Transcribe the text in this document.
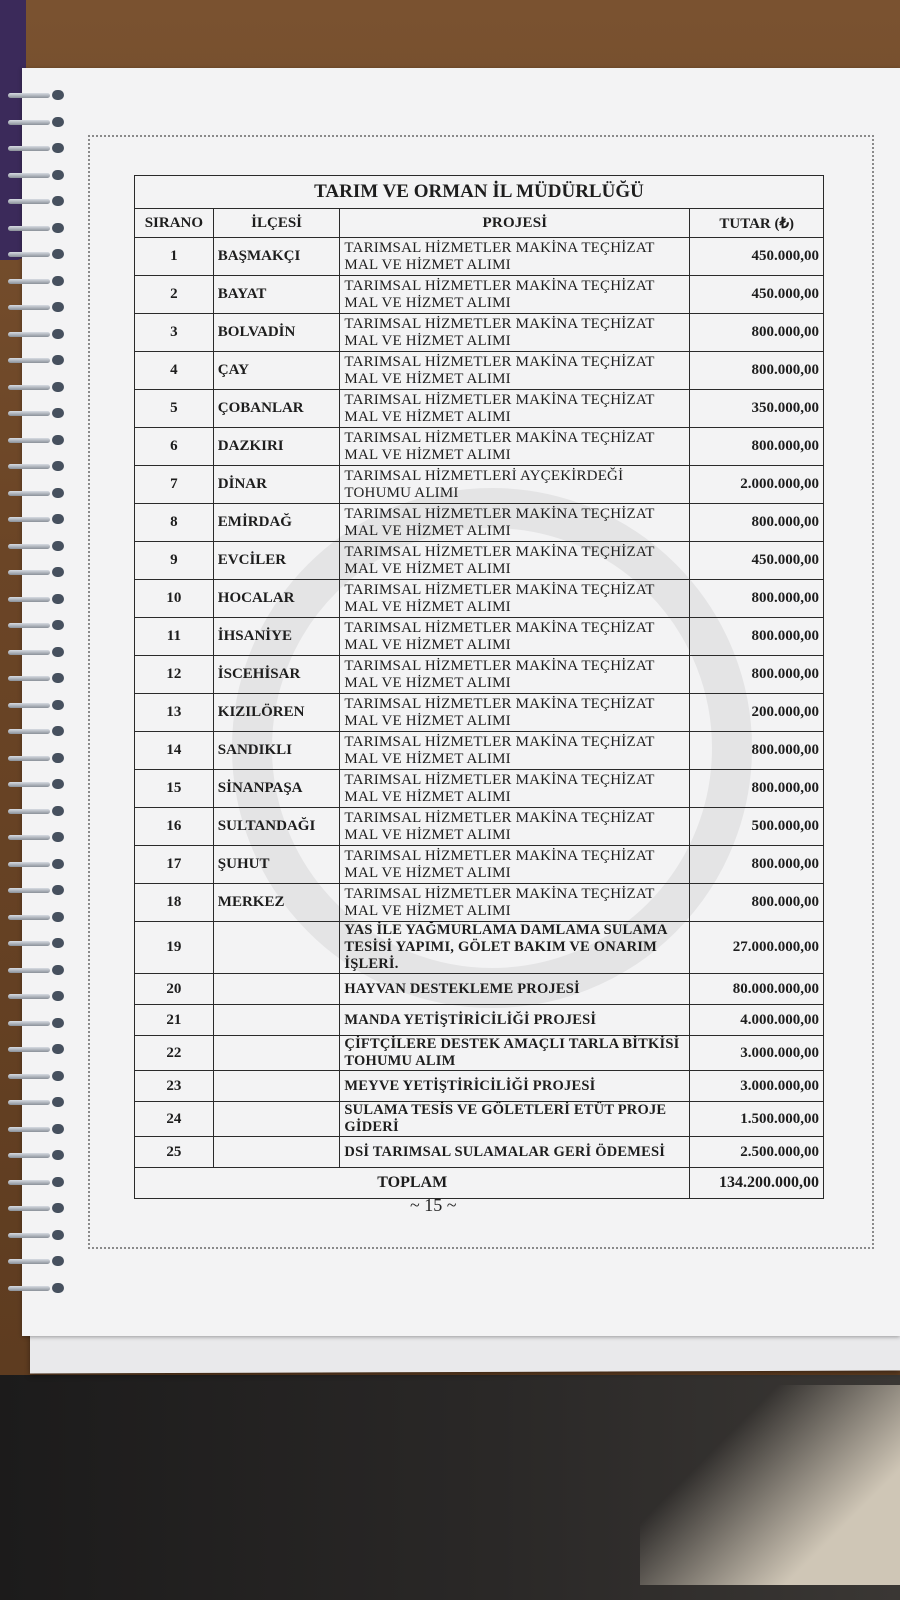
TARIM VE ORMAN İL MÜDÜRLÜĞÜ			
SIRANO	İLÇESİ	PROJESİ	TUTAR (₺)
1	BAŞMAKÇI	TARIMSAL HİZMETLER MAKİNA TEÇHİZAT MAL VE HİZMET ALIMI	450.000,00
2	BAYAT	TARIMSAL HİZMETLER MAKİNA TEÇHİZAT MAL VE HİZMET ALIMI	450.000,00
3	BOLVADİN	TARIMSAL HİZMETLER MAKİNA TEÇHİZAT MAL VE HİZMET ALIMI	800.000,00
4	ÇAY	TARIMSAL HİZMETLER MAKİNA TEÇHİZAT MAL VE HİZMET ALIMI	800.000,00
5	ÇOBANLAR	TARIMSAL HİZMETLER MAKİNA TEÇHİZAT MAL VE HİZMET ALIMI	350.000,00
6	DAZKIRI	TARIMSAL HİZMETLER MAKİNA TEÇHİZAT MAL VE HİZMET ALIMI	800.000,00
7	DİNAR	TARIMSAL HİZMETLERİ AYÇEKİRDEĞİ TOHUMU ALIMI	2.000.000,00
8	EMİRDAĞ	TARIMSAL HİZMETLER MAKİNA TEÇHİZAT MAL VE HİZMET ALIMI	800.000,00
9	EVCİLER	TARIMSAL HİZMETLER MAKİNA TEÇHİZAT MAL VE HİZMET ALIMI	450.000,00
10	HOCALAR	TARIMSAL HİZMETLER MAKİNA TEÇHİZAT MAL VE HİZMET ALIMI	800.000,00
11	İHSANİYE	TARIMSAL HİZMETLER MAKİNA TEÇHİZAT MAL VE HİZMET ALIMI	800.000,00
12	İSCEHİSAR	TARIMSAL HİZMETLER MAKİNA TEÇHİZAT MAL VE HİZMET ALIMI	800.000,00
13	KIZILÖREN	TARIMSAL HİZMETLER MAKİNA TEÇHİZAT MAL VE HİZMET ALIMI	200.000,00
14	SANDIKLI	TARIMSAL HİZMETLER MAKİNA TEÇHİZAT MAL VE HİZMET ALIMI	800.000,00
15	SİNANPAŞA	TARIMSAL HİZMETLER MAKİNA TEÇHİZAT MAL VE HİZMET ALIMI	800.000,00
16	SULTANDAĞI	TARIMSAL HİZMETLER MAKİNA TEÇHİZAT MAL VE HİZMET ALIMI	500.000,00
17	ŞUHUT	TARIMSAL HİZMETLER MAKİNA TEÇHİZAT MAL VE HİZMET ALIMI	800.000,00
18	MERKEZ	TARIMSAL HİZMETLER MAKİNA TEÇHİZAT MAL VE HİZMET ALIMI	800.000,00
19		YAS İLE YAĞMURLAMA DAMLAMA SULAMA TESİSİ YAPIMI, GÖLET BAKIM VE ONARIM İŞLERİ.	27.000.000,00
20		HAYVAN DESTEKLEME PROJESİ	80.000.000,00
21		MANDA YETİŞTİRİCİLİĞİ PROJESİ	4.000.000,00
22		ÇİFTÇİLERE DESTEK AMAÇLI TARLA BİTKİSİ TOHUMU ALIM	3.000.000,00
23		MEYVE YETİŞTİRİCİLİĞİ PROJESİ	3.000.000,00
24		SULAMA TESİS VE GÖLETLERİ ETÜT PROJE GİDERİ	1.500.000,00
25		DSİ TARIMSAL SULAMALAR GERİ ÖDEMESİ	2.500.000,00
TOPLAM			134.200.000,00
~ 15 ~
